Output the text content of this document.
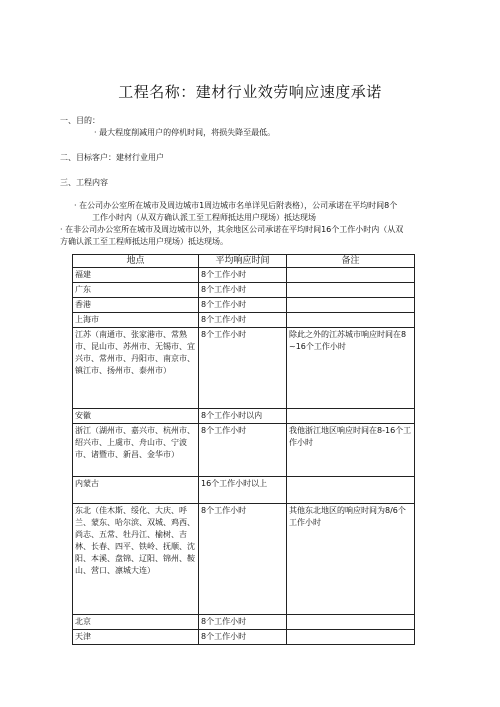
工程名称：建材行业效劳响应速度承诺
一、目的：
· 最大程度削减用户的停机时间，将损失降至最低。
二、目标客户：建材行业用户
三、工程内容
· 在公司办公室所在城市及周边城市1周边城市名单详见后附表格），公司承诺在平均时间8个
工作小时内（从双方确认派工至工程师抵达用户现场）抵达现场
· 在非公司办公室所在城市及周边城市以外，其余地区公司承诺在平均时间16个工作小时内（从双
方确认派工至工程师抵达用户现场）抵达现场。
地点	平均响应时间	备注
福建	8个工作小时	
广东	8个工作小时	
香港	8个工作小时	
上海市	8个工作小时	
江苏（南通市、张家港市、常熟市、昆山市、苏州市、无锡市、宜兴市、常州市、丹阳市、南京市、镇江市、扬州市、泰州市）	8个工作小时	除此之外的江苏城市响应时间在8~16个工作小时
安徽	8个工作小时以内	
浙江（湖州市、嘉兴市、杭州市、绍兴市、上虞市、舟山市、宁波市、诸暨市、新昌、金华市）	8个工作小时	我他浙江地区响应时间在8-16个工作小时
内蒙古	16个工作小时以上	
东北（佳木斯、绥化、大庆、呼兰、蒙东、哈尔滨、双城、鸡西、尚志、五常、牡丹江、榆树、吉林、长春、四平、铁岭、抚顺、沈阳、本溪、盘锦、辽阳、锦州、鞍山、营口、凛城大连）	8个工作小时	其他东北地区的响应时间为8/6个工作小时
北京	8个工作小时	
天津	8个工作小时	
